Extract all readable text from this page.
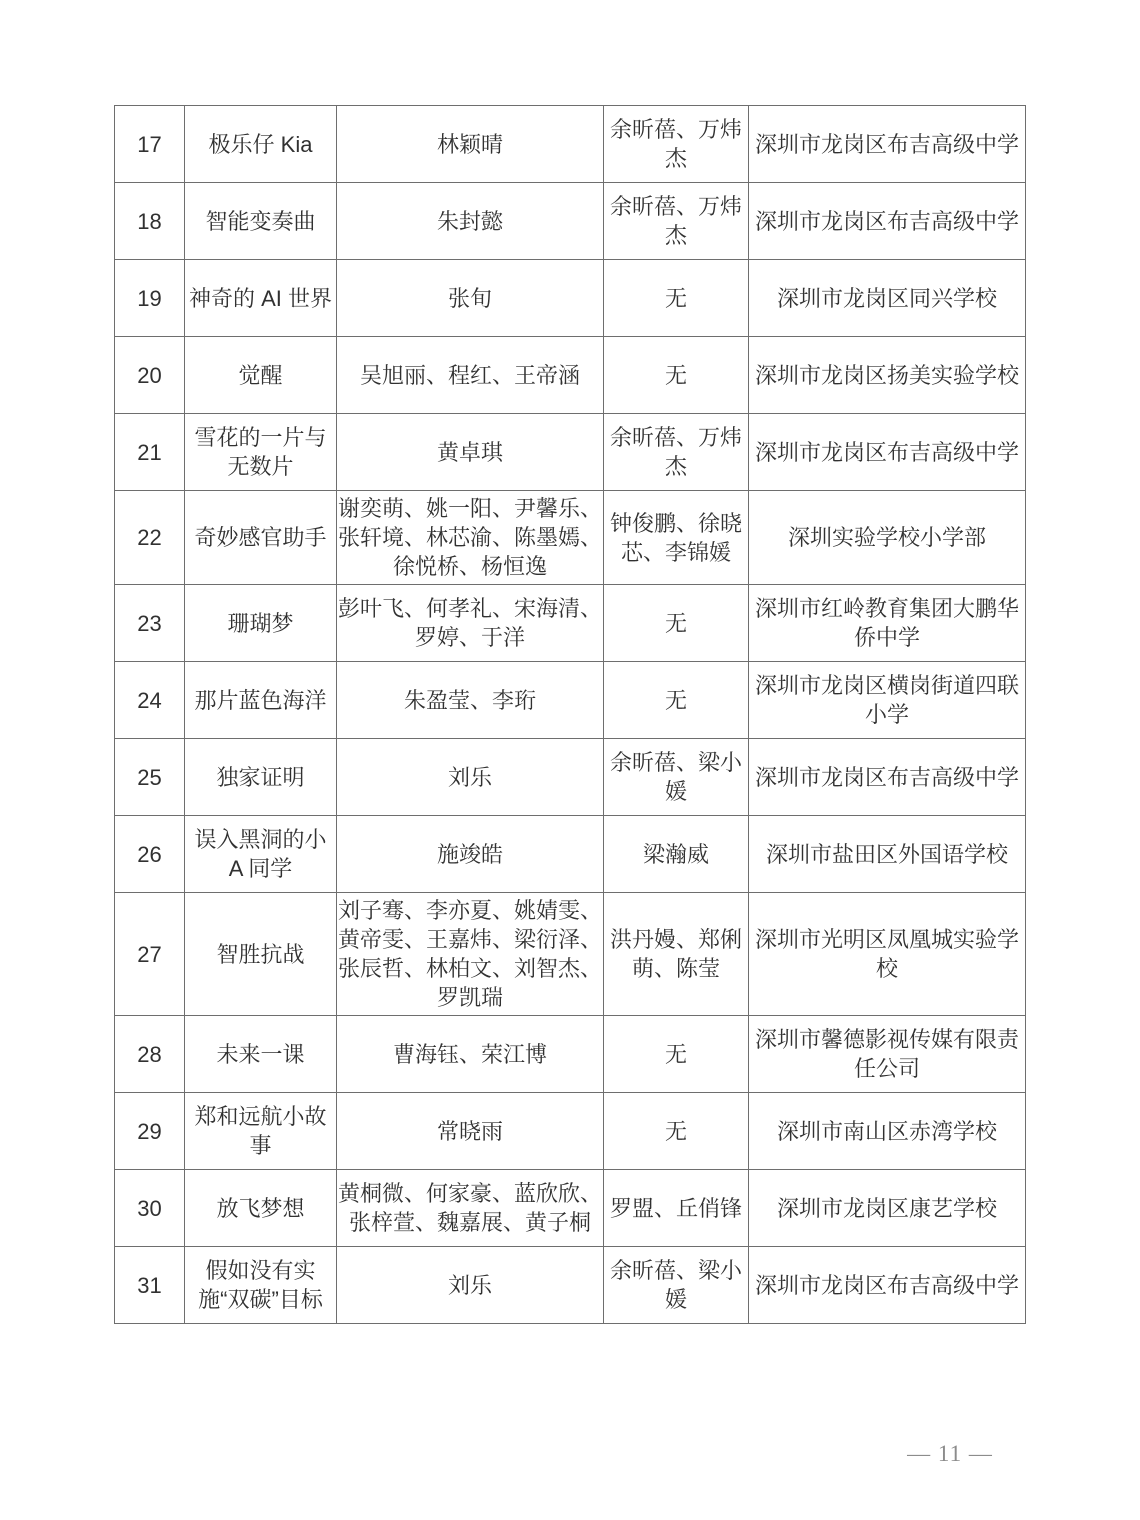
17	极乐仔 Kia	林颖晴	余昕蓓、万炜杰	深圳市龙岗区布吉高级中学
18	智能变奏曲	朱封懿	余昕蓓、万炜杰	深圳市龙岗区布吉高级中学
19	神奇的 AI 世界	张旬	无	深圳市龙岗区同兴学校
20	觉醒	吴旭丽、程红、王帝涵	无	深圳市龙岗区扬美实验学校
21	雪花的一片与无数片	黄卓琪	余昕蓓、万炜杰	深圳市龙岗区布吉高级中学
22	奇妙感官助手	谢奕萌、姚一阳、尹馨乐、张轩境、林芯渝、陈墨嫣、徐悦桥、杨恒逸	钟俊鹏、徐晓芯、李锦媛	深圳实验学校小学部
23	珊瑚梦	彭叶飞、何孝礼、宋海清、罗婷、于洋	无	深圳市红岭教育集团大鹏华侨中学
24	那片蓝色海洋	朱盈莹、李珩	无	深圳市龙岗区横岗街道四联小学
25	独家证明	刘乐	余昕蓓、梁小媛	深圳市龙岗区布吉高级中学
26	误入黑洞的小 A 同学	施竣皓	梁瀚威	深圳市盐田区外国语学校
27	智胜抗战	刘子骞、李亦夏、姚婧雯、黄帝雯、王嘉炜、梁衍泽、张辰哲、林柏文、刘智杰、罗凯瑞	洪丹嫚、郑俐萌、陈莹	深圳市光明区凤凰城实验学校
28	未来一课	曹海钰、荣江博	无	深圳市馨德影视传媒有限责任公司
29	郑和远航小故事	常晓雨	无	深圳市南山区赤湾学校
30	放飞梦想	黄桐微、何家豪、蓝欣欣、张梓萱、魏嘉展、黄子桐	罗盟、丘俏锋	深圳市龙岗区康艺学校
31	假如没有实施“双碳”目标	刘乐	余昕蓓、梁小媛	深圳市龙岗区布吉高级中学
— 11 —
